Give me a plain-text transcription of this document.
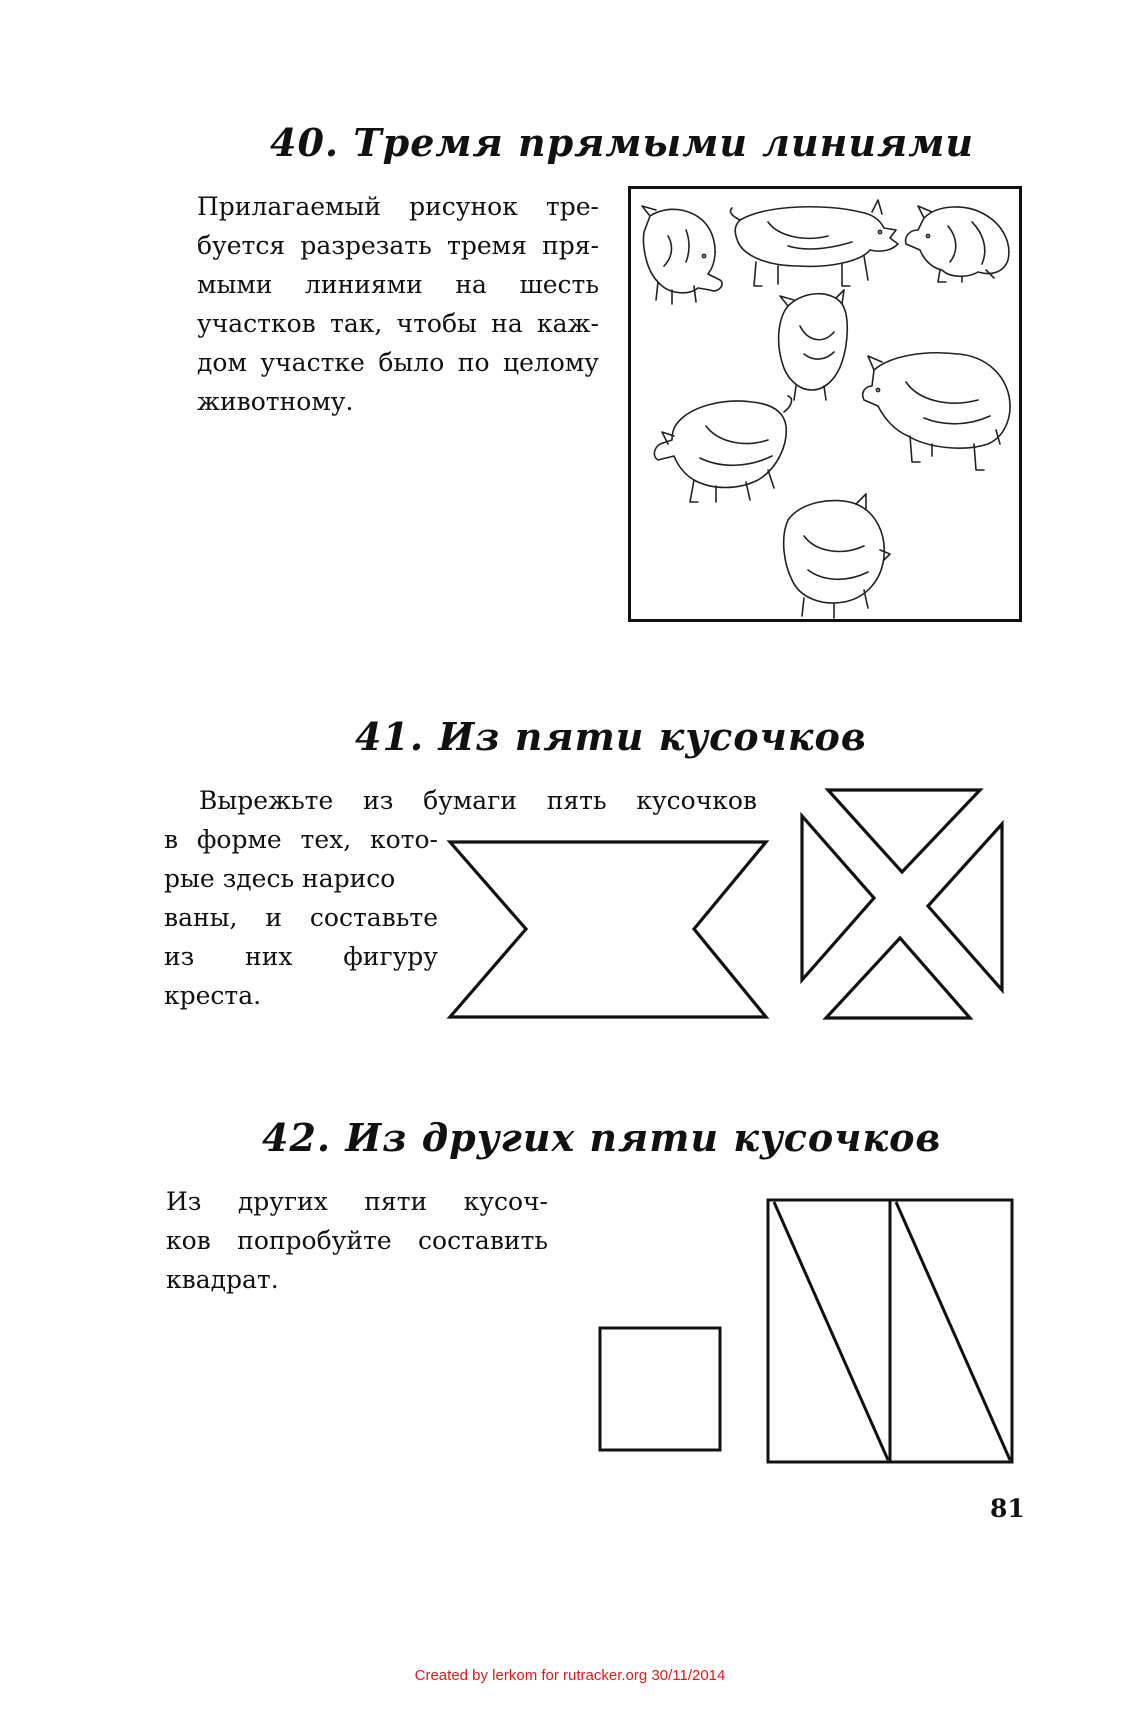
40. Тремя прямыми линиями
Прилагаемый рисунок тре-
буется разрезать тремя пря-
мыми линиями на шесть
участков так, чтобы на каж-
дом участке было по целому
животному.
41. Из пяти кусочков
Вырежьте из бумаги пять кусочков
в форме тех, кото-
рые здесь нарисо
ваны, и составьте
из них фигуру
креста.
42. Из других пяти кусочков
Из других пяти кусоч-
ков попробуйте составить
квадрат.
81
Created by lerkom for rutracker.org 30/11/2014
